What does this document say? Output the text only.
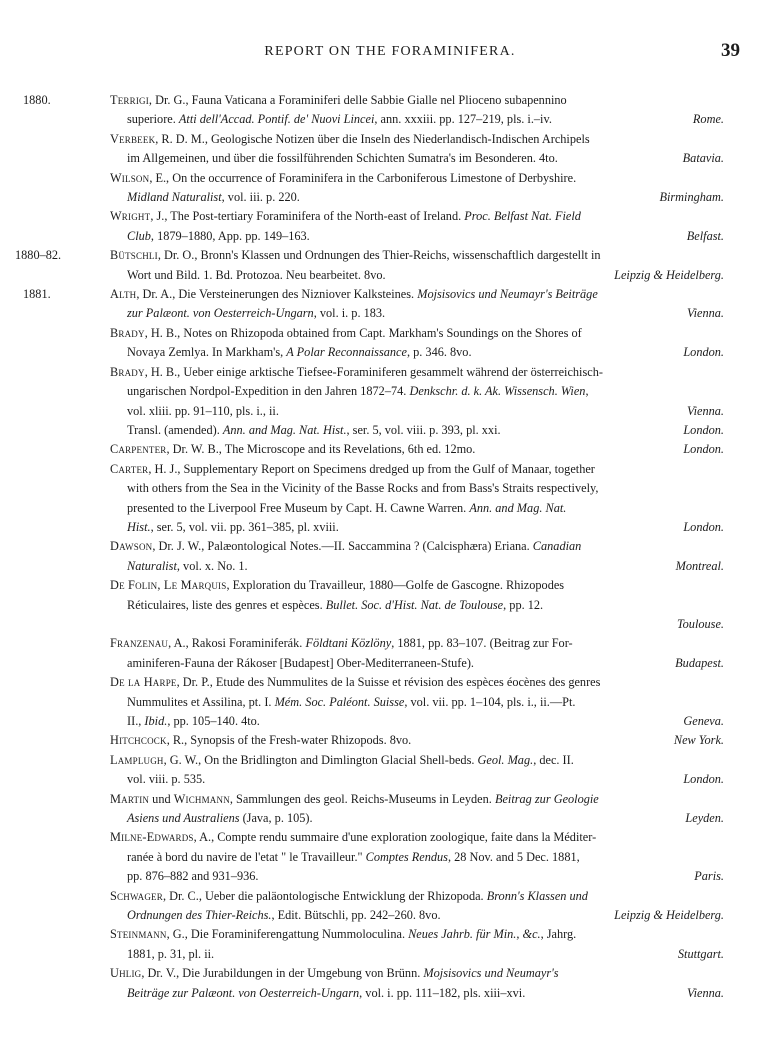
REPORT ON THE FORAMINIFERA.	39
1880.	Terrigi, Dr. G., Fauna Vaticana a Foraminiferi delle Sabbie Gialle nel Plioceno subapennino
superiore. Atti dell'Accad. Pontif. de' Nuovi Lincei, ann. xxxiii. pp. 127–219, pls. i.–iv.	Rome.
Verbeek, R. D. M., Geologische Notizen über die Inseln des Niederlandisch-Indischen Archipels
im Allgemeinen, und über die fossilführenden Schichten Sumatra's im Besonderen. 4to.	Batavia.
Wilson, E., On the occurrence of Foraminifera in the Carboniferous Limestone of Derbyshire.
Midland Naturalist, vol. iii. p. 220.	Birmingham.
Wright, J., The Post-tertiary Foraminifera of the North-east of Ireland. Proc. Belfast Nat. Field
Club, 1879–1880, App. pp. 149–163.	Belfast.
1880–82.	Bütschli, Dr. O., Bronn's Klassen und Ordnungen des Thier-Reichs, wissenschaftlich dargestellt in
Wort und Bild. 1. Bd. Protozoa. Neu bearbeitet. 8vo.	Leipzig & Heidelberg.
1881.	Alth, Dr. A., Die Versteinerungen des Nizniover Kalksteines. Mojsisovics und Neumayr's Beiträge
zur Palæont. von Oesterreich-Ungarn, vol. i. p. 183.	Vienna.
Brady, H. B., Notes on Rhizopoda obtained from Capt. Markham's Soundings on the Shores of
Novaya Zemlya. In Markham's, A Polar Reconnaissance, p. 346. 8vo.	London.
Brady, H. B., Ueber einige arktische Tiefsee-Foraminiferen gesammelt während der österreichisch-
ungarischen Nordpol-Expedition in den Jahren 1872–74. Denkschr. d. k. Ak. Wissensch. Wien,
vol. xliii. pp. 91–110, pls. i., ii.	Vienna.
Transl. (amended). Ann. and Mag. Nat. Hist., ser. 5, vol. viii. p. 393, pl. xxi.	London.
Carpenter, Dr. W. B., The Microscope and its Revelations, 6th ed. 12mo.	London.
Carter, H. J., Supplementary Report on Specimens dredged up from the Gulf of Manaar, together
with others from the Sea in the Vicinity of the Basse Rocks and from Bass's Straits respectively,
presented to the Liverpool Free Museum by Capt. H. Cawne Warren. Ann. and Mag. Nat.
Hist., ser. 5, vol. vii. pp. 361–385, pl. xviii.	London.
Dawson, Dr. J. W., Palæontological Notes.—II. Saccammina ? (Calcisphæra) Eriana. Canadian
Naturalist, vol. x. No. 1.	Montreal.
De Folin, Le Marquis, Exploration du Travailleur, 1880—Golfe de Gascogne. Rhizopodes
Réticulaires, liste des genres et espèces. Bullet. Soc. d'Hist. Nat. de Toulouse, pp. 12.
Toulouse.
Franzenau, A., Rakosi Foraminiferák. Földtani Közlöny, 1881, pp. 83–107. (Beitrag zur For-
aminiferen-Fauna der Rákoser [Budapest] Ober-Mediterraneen-Stufe).	Budapest.
De la Harpe, Dr. P., Etude des Nummulites de la Suisse et révision des espèces éocènes des genres
Nummulites et Assilina, pt. I. Mém. Soc. Paléont. Suisse, vol. vii. pp. 1–104, pls. i., ii.—Pt.
II., Ibid., pp. 105–140. 4to.	Geneva.
Hitchcock, R., Synopsis of the Fresh-water Rhizopods. 8vo.	New York.
Lamplugh, G. W., On the Bridlington and Dimlington Glacial Shell-beds. Geol. Mag., dec. II.
vol. viii. p. 535.	London.
Martin und Wichmann, Sammlungen des geol. Reichs-Museums in Leyden. Beitrag zur Geologie
Asiens und Australiens (Java, p. 105).	Leyden.
Milne-Edwards, A., Compte rendu summaire d'une exploration zoologique, faite dans la Méditer-
ranée à bord du navire de l'etat " le Travailleur." Comptes Rendus, 28 Nov. and 5 Dec. 1881,
pp. 876–882 and 931–936.	Paris.
Schwager, Dr. C., Ueber die paläontologische Entwicklung der Rhizopoda. Bronn's Klassen und
Ordnungen des Thier-Reichs., Edit. Bütschli, pp. 242–260. 8vo.	Leipzig & Heidelberg.
Steinmann, G., Die Foraminiferengattung Nummoloculina. Neues Jahrb. für Min., &c., Jahrg.
1881, p. 31, pl. ii.	Stuttgart.
Uhlig, Dr. V., Die Jurabildungen in der Umgebung von Brünn. Mojsisovics und Neumayr's
Beiträge zur Palæont. von Oesterreich-Ungarn, vol. i. pp. 111–182, pls. xiii–xvi.	Vienna.
